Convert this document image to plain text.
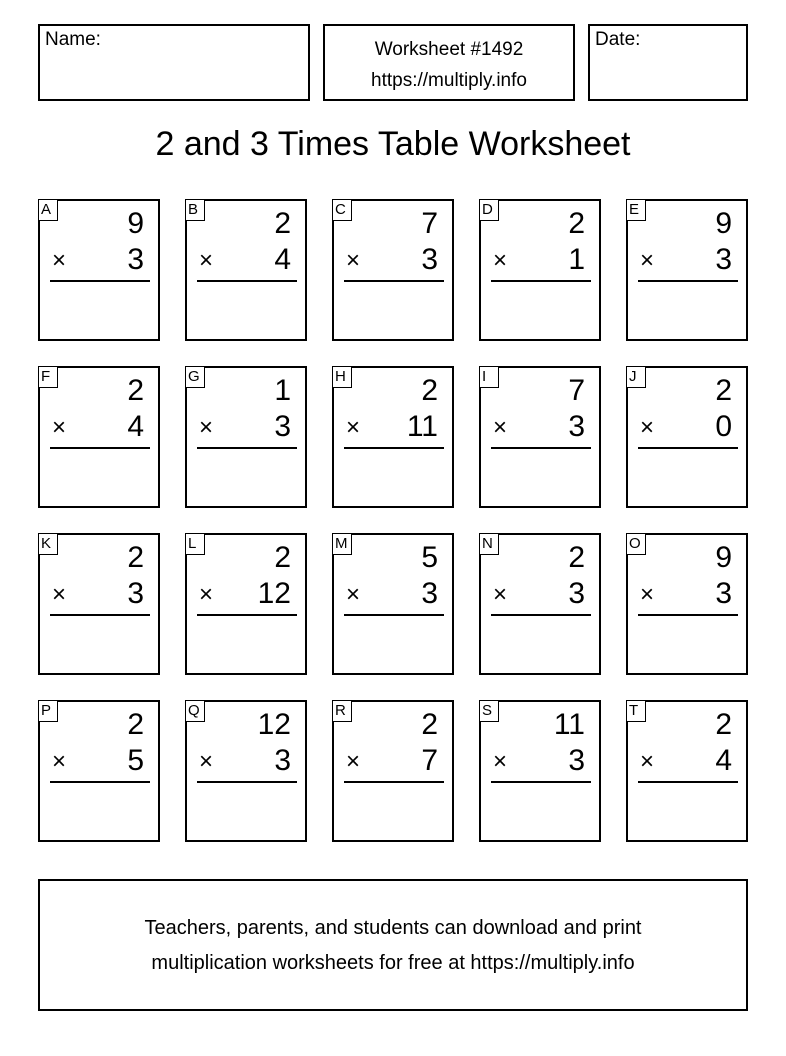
Name:	Worksheet #1492
https://multiply.info
Date:
2 and 3 Times Table Worksheet
A	9
× 3
B	2
× 4
C	7
× 3
D	2
× 1
E	9
× 3
F	2
× 4
G 1
× 3
H	2
× 11
I	7
× 3
J	2
× 0
K	2
× 3
L	2
× 12
M 5
× 3
N	2
× 3
O 9
× 3
P	2
× 5
Q 12
× 3
R	2
× 7
S 11
× 3
T	2
× 4
Teachers, parents, and students can download and print
multiplication worksheets for free at https://multiply.info
